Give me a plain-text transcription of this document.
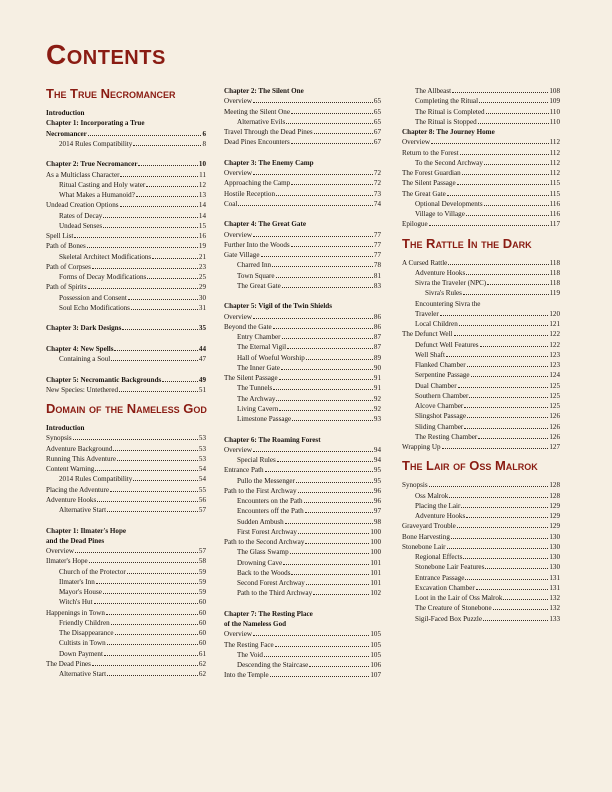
Contents
The True Necromancer
Introduction
Chapter 1: Incorporating a True
Necromancer	6
2014 Rules Compatibility	8
Chapter 2: True Necromancer	10
As a Multiclass Character	11
Ritual Casting and Holy water	12
What Makes a Humanoid?	13
Undead Creation Options	14
Rates of Decay	14
Undead Senses	15
Spell List	16
Path of Bones	19
Skeletal Architect Modifications	21
Path of Corpses	23
Forms of Decay Modifications	25
Path of Spirits	29
Possession and Consent	30
Soul Echo Modifications	31
Chapter 3: Dark Designs	35
Chapter 4: New Spells	44
Containing a Soul	47
Chapter 5: Necromantic Backgrounds	49
New Species: Untethered	51
Domain of the Nameless God
Introduction
Synopsis	53
Adventure Background	53
Running This Adventure	53
Content Warning	54
2014 Rules Compatibility	54
Placing the Adventure	55
Adventure Hooks	56
Alternative Start	57
Chapter 1: Ilmater's Hope
and the Dead Pines
Overview	57
Ilmater's Hope	58
Church of the Protector	59
Ilmater's Inn	59
Mayor's House	59
Witch's Hut	60
Happenings in Town	60
Friendly Children	60
The Disappearance	60
Cultists in Town	60
Down Payment	61
The Dead Pines	62
Alternative Start	62
Chapter 2: The Silent One
Overview	65
Meeting the Silent One	65
Alternative Evils	65
Travel Through the Dead Pines	67
Dead Pines Encounters	67
Chapter 3: The Enemy Camp
Overview	72
Approaching the Camp	72
Hostile Reception	73
Coal	74
Chapter 4: The Great Gate
Overview	77
Further Into the Woods	77
Gate Village	77
Charred Inn	78
Town Square	81
The Great Gate	83
Chapter 5: Vigil of the Twin Shields
Overview	86
Beyond the Gate	86
Entry Chamber	87
The Eternal Vigil	87
Hall of Woeful Worship	89
The Inner Gate	90
The Silent Passage	91
The Tunnels	91
The Archway	92
Living Cavern	92
Limestone Passage	93
Chapter 6: The Roaming Forest
Overview	94
Special Rules	94
Entrance Path	95
Pullo the Messenger	95
Path to the First Archway	96
Encounters on the Path	96
Encounters off the Path	97
Sudden Ambush	98
First Forest Archway	100
Path to the Second Archway	100
The Glass Swamp	100
Drowning Cave	101
Back to the Woods	101
Second Forest Archway	101
Path to the Third Archway	102
Chapter 7: The Resting Place
of the Nameless God
Overview	105
The Resting Face	105
The Void	105
Descending the Staircase	106
Into the Temple	107
The Allbeast	108
Completing the Ritual	109
The Ritual is Completed	110
The Ritual is Stopped	110
Chapter 8: The Journey Home
Overview	112
Return to the Forest	112
To the Second Archway	112
The Forest Guardian	112
The Silent Passage	115
The Great Gate	115
Optional Developments	116
Village to Village	116
Epilogue	117
The Rattle In the Dark
A Cursed Rattle	118
Adventure Hooks	118
Sivra the Traveler (NPC)	118
Sivra's Rules	119
Encountering Sivra the
Traveler	120
Local Children	121
The Defunct Well	122
Defunct Well Features	122
Well Shaft	123
Flanked Chamber	123
Serpentine Passage	124
Dual Chamber	125
Southern Chamber	125
Alcove Chamber	125
Slingshot Passage	126
Sliding Chamber	126
The Resting Chamber	126
Wrapping Up	127
The Lair of Oss Malrok
Synopsis	128
Oss Malrok	128
Placing the Lair	129
Adventure Hooks	129
Graveyard Trouble	129
Bone Harvesting	130
Stonebone Lair	130
Regional Effects	130
Stonebone Lair Features	130
Entrance Passage	131
Excavation Chamber	131
Loot in the Lair of Oss Malrok	132
The Creature of Stonebone	132
Sigil-Faced Box Puzzle	133
